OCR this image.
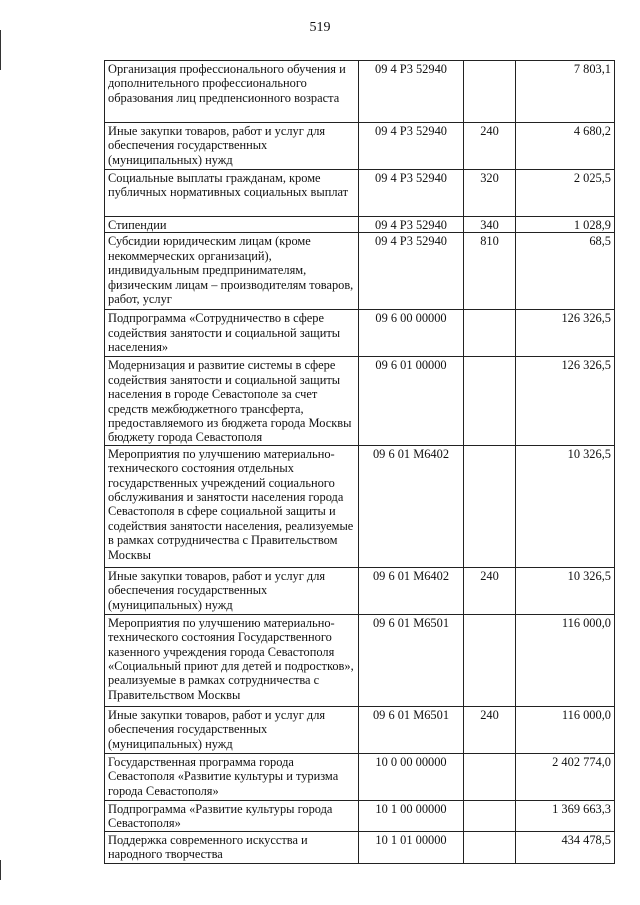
519
Организация профессионального обучения и дополнительного профессионального образования лиц предпенсионного возраста	09 4 P3 52940		7 803,1
Иные закупки товаров, работ и услуг для обеспечения государственных (муниципальных) нужд	09 4 P3 52940	240	4 680,2
Социальные выплаты гражданам, кроме публичных нормативных социальных выплат	09 4 P3 52940	320	2 025,5
Стипендии	09 4 P3 52940	340	1 028,9
Субсидии юридическим лицам (кроме некоммерческих организаций), индивидуальным предпринимателям, физическим лицам – производителям товаров, работ, услуг	09 4 P3 52940	810	68,5
Подпрограмма «Сотрудничество в сфере содействия занятости и социальной защиты населения»	09 6 00 00000		126 326,5
Модернизация и развитие системы в сфере содействия занятости и социальной защиты населения в городе Севастополе за счет средств межбюджетного трансферта, предоставляемого из бюджета города Москвы бюджету города Севастополя	09 6 01 00000		126 326,5
Мероприятия по улучшению материально-технического состояния отдельных государственных учреждений социального обслуживания и занятости населения города Севастополя в сфере социальной защиты и содействия занятости населения, реализуемые в рамках сотрудничества с Правительством Москвы	09 6 01 M6402		10 326,5
Иные закупки товаров, работ и услуг для обеспечения государственных (муниципальных) нужд	09 6 01 M6402	240	10 326,5
Мероприятия по улучшению материально-технического состояния Государственного казенного учреждения города Севастополя «Социальный приют для детей и подростков», реализуемые в рамках сотрудничества с Правительством Москвы	09 6 01 M6501		116 000,0
Иные закупки товаров, работ и услуг для обеспечения государственных (муниципальных) нужд	09 6 01 M6501	240	116 000,0
Государственная программа города Севастополя «Развитие культуры и туризма города Севастополя»	10 0 00 00000		2 402 774,0
Подпрограмма «Развитие культуры города Севастополя»	10 1 00 00000		1 369 663,3
Поддержка современного искусства и народного творчества	10 1 01 00000		434 478,5
